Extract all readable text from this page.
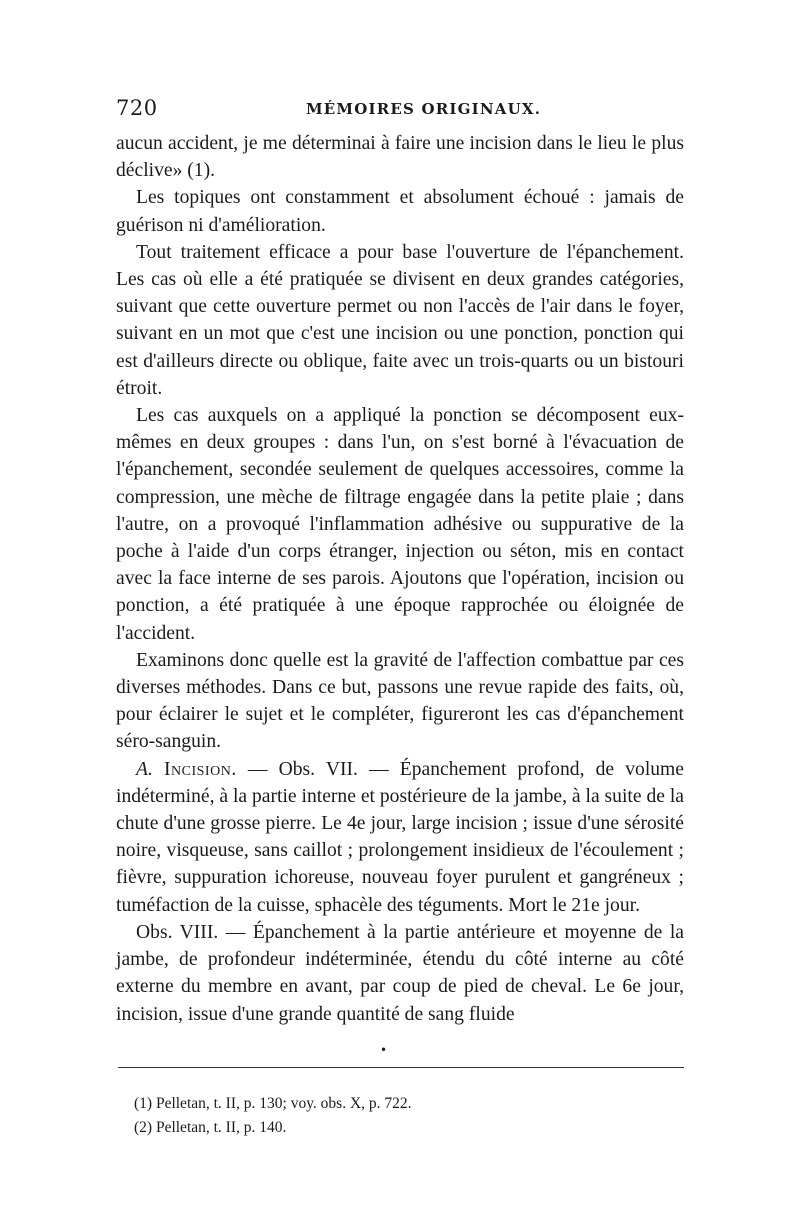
720	MÉMOIRES ORIGINAUX.

aucun accident, je me déterminai à faire une incision dans le lieu le plus déclive» (1).

Les topiques ont constamment et absolument échoué : jamais de guérison ni d'amélioration.

Tout traitement efficace a pour base l'ouverture de l'épanchement. Les cas où elle a été pratiquée se divisent en deux grandes catégories, suivant que cette ouverture permet ou non l'accès de l'air dans le foyer, suivant en un mot que c'est une incision ou une ponction, ponction qui est d'ailleurs directe ou oblique, faite avec un trois-quarts ou un bistouri étroit.

Les cas auxquels on a appliqué la ponction se décomposent eux-mêmes en deux groupes : dans l'un, on s'est borné à l'évacuation de l'épanchement, secondée seulement de quelques accessoires, comme la compression, une mèche de filtrage engagée dans la petite plaie ; dans l'autre, on a provoqué l'inflammation adhésive ou suppurative de la poche à l'aide d'un corps étranger, injection ou séton, mis en contact avec la face interne de ses parois. Ajoutons que l'opération, incision ou ponction, a été pratiquée à une époque rapprochée ou éloignée de l'accident.

Examinons donc quelle est la gravité de l'affection combattue par ces diverses méthodes. Dans ce but, passons une revue rapide des faits, où, pour éclairer le sujet et le compléter, figureront les cas d'épanchement séro-sanguin.

A. Incision. — Obs. VII. — Épanchement profond, de volume indéterminé, à la partie interne et postérieure de la jambe, à la suite de la chute d'une grosse pierre. Le 4e jour, large incision ; issue d'une sérosité noire, visqueuse, sans caillot ; prolongement insidieux de l'écoulement ; fièvre, suppuration ichoreuse, nouveau foyer purulent et gangréneux ; tuméfaction de la cuisse, sphacèle des téguments. Mort le 21e jour.

Obs. VIII. — Épanchement à la partie antérieure et moyenne de la jambe, de profondeur indéterminée, étendu du côté interne au côté externe du membre en avant, par coup de pied de cheval. Le 6e jour, incision, issue d'une grande quantité de sang fluide

•
(1) Pelletan, t. II, p. 130; voy. obs. X, p. 722.
(2) Pelletan, t. II, p. 140.
